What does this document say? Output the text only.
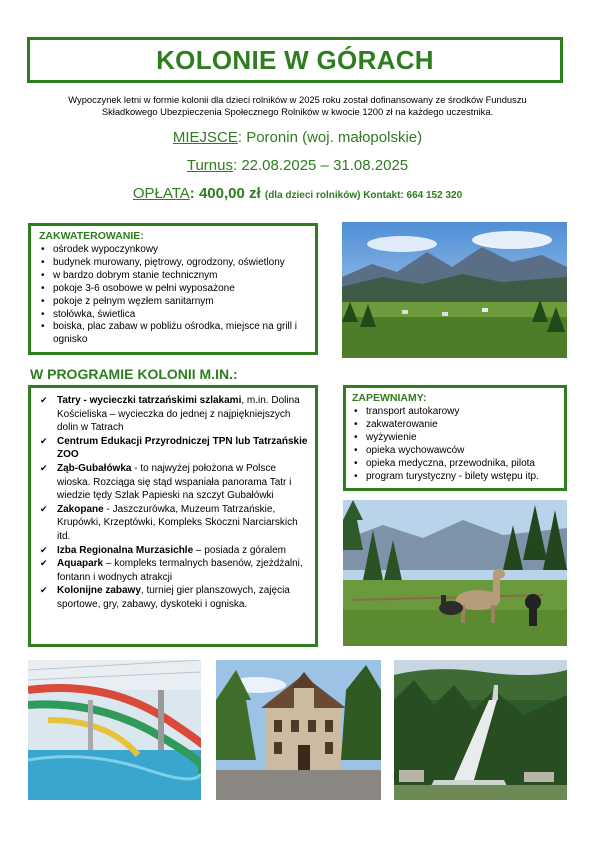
KOLONIE W GÓRACH
Wypoczynek letni w formie kolonii dla dzieci rolników w 2025 roku został dofinansowany ze środków Funduszu Składkowego Ubezpieczenia Społecznego Rolników w kwocie 1200 zł na każdego uczestnika.
MIEJSCE: Poronin (woj. małopolskie)
Turnus: 22.08.2025 – 31.08.2025
OPŁATA: 400,00 zł (dla dzieci rolników) Kontakt: 664 152 320
ZAKWATEROWANIE:
• ośrodek wypoczynkowy
• budynek murowany, piętrowy, ogrodzony, oświetlony
• w bardzo dobrym stanie technicznym
• pokoje 3-6 osobowe w pełni wyposażone
• pokoje z pełnym węzłem sanitarnym
• stołówka, świetlica
• boiska, plac zabaw w pobliżu ośrodka, miejsce na grill i ognisko
W PROGRAMIE KOLONII M.IN.:
✔ Tatry - wycieczki tatrzańskimi szlakami, m.in. Dolina Kościeliska – wycieczka do jednej z najpiękniejszych dolin w Tatrach
✔ Centrum Edukacji Przyrodniczej TPN lub Tatrzańskie ZOO
✔ Ząb-Gubałówka - to najwyżej położona w Polsce wioska. Rozciąga się stąd wspaniała panorama Tatr i wiedzie tędy Szlak Papieski na szczyt Gubałówki
✔ Zakopane - Jaszczurówka, Muzeum Tatrzańskie, Krupówki, Krzeptówki, Kompleks Skoczni Narciarskich itd.
✔ Izba Regionalna Murzasichle – posiada z góralem
✔ Aquapark – kompleks termalnych basenów, zjeżdżalni, fontann i wodnych atrakcji
✔ Kolonijne zabawy, turniej gier planszowych, zajęcia sportowe, gry, zabawy, dyskoteki i ogniska.
ZAPEWNIAMY:
• transport autokarowy
• zakwaterowanie
• wyżywienie
• opieka wychowawców
• opieka medyczna, przewodnika, pilota
• program turystyczny - bilety wstępu itp.
